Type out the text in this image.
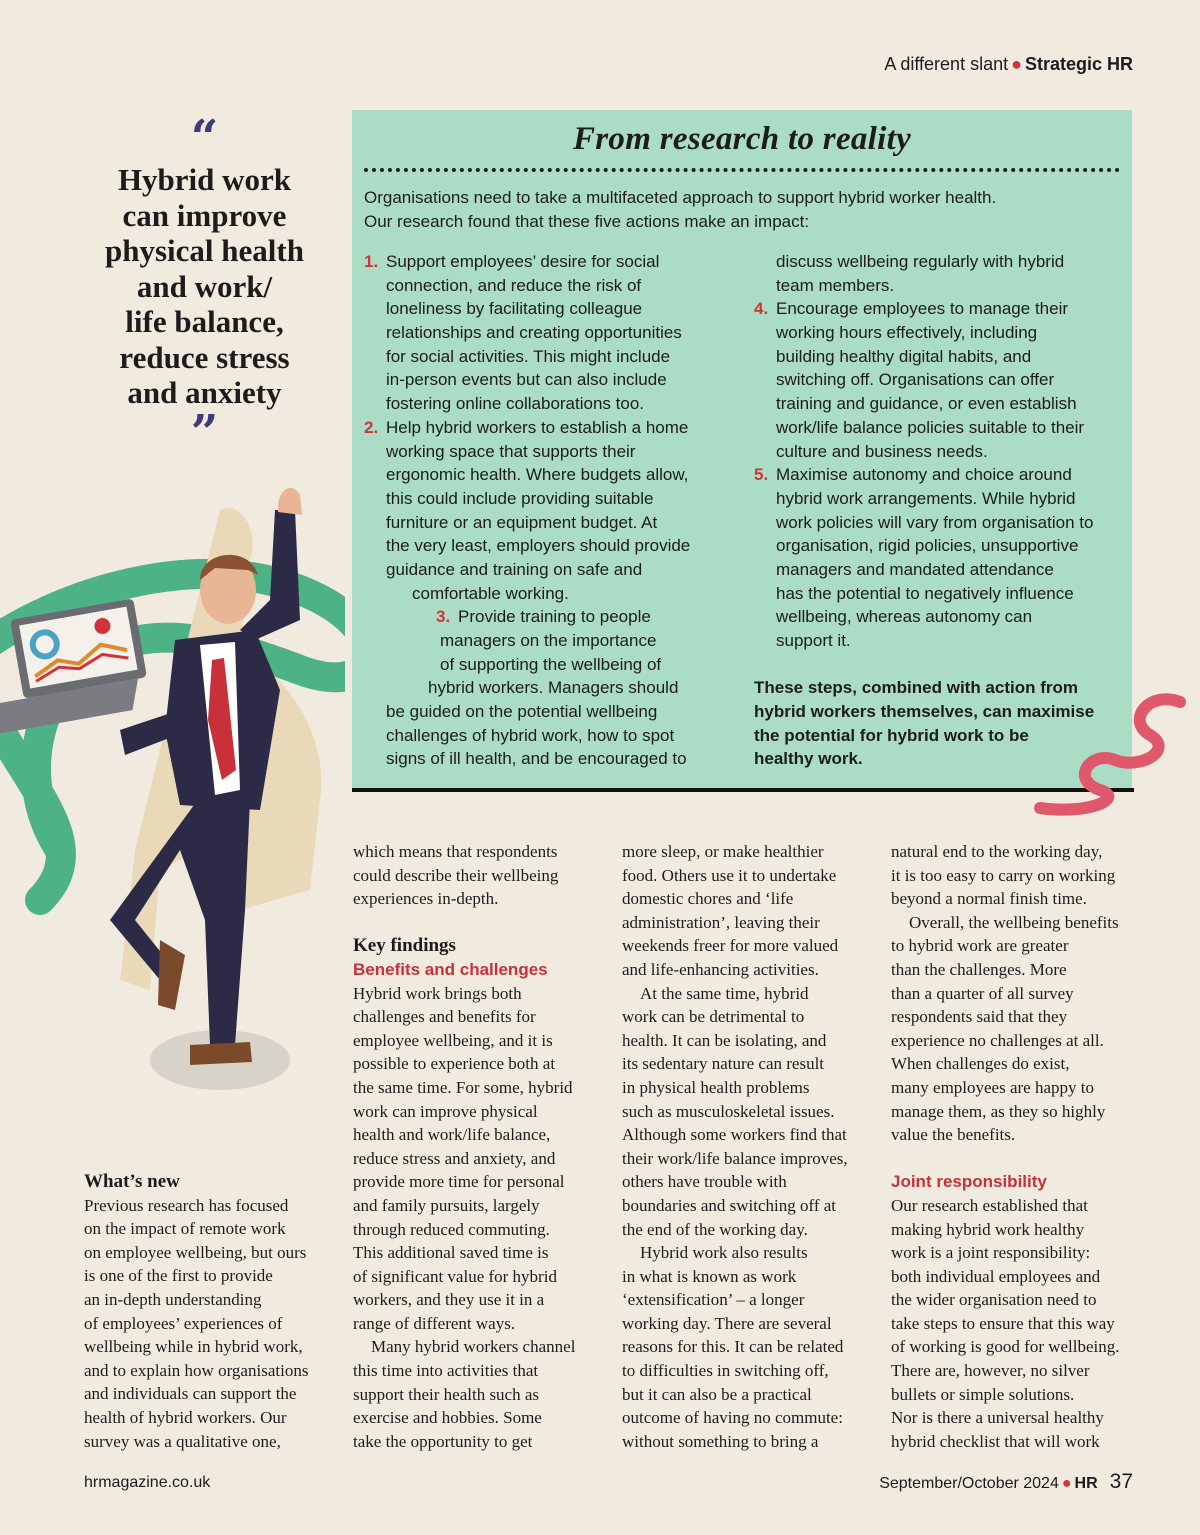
A different slant ● Strategic HR
“
Hybrid work
can improve
physical health
and work/
life balance,
reduce stress
and anxiety
”
From research to reality
Organisations need to take a multifaceted approach to support hybrid worker health.
Our research found that these five actions make an impact:
1. Support employees’ desire for social
connection, and reduce the risk of
loneliness by facilitating colleague
relationships and creating opportunities
for social activities. This might include
in-person events but can also include
fostering online collaborations too.
2. Help hybrid workers to establish a home
working space that supports their
ergonomic health. Where budgets allow,
this could include providing suitable
furniture or an equipment budget. At
the very least, employers should provide
guidance and training on safe and
comfortable working.
3. Provide training to people
managers on the importance
of supporting the wellbeing of
hybrid workers. Managers should
be guided on the potential wellbeing
challenges of hybrid work, how to spot
signs of ill health, and be encouraged to
discuss wellbeing regularly with hybrid
team members.
4. Encourage employees to manage their
working hours effectively, including
building healthy digital habits, and
switching off. Organisations can offer
training and guidance, or even establish
work/life balance policies suitable to their
culture and business needs.
5. Maximise autonomy and choice around
hybrid work arrangements. While hybrid
work policies will vary from organisation to
organisation, rigid policies, unsupportive
managers and mandated attendance
has the potential to negatively influence
wellbeing, whereas autonomy can
support it.
These steps, combined with action from
hybrid workers themselves, can maximise
the potential for hybrid work to be
healthy work.
What’s new
Previous research has focused
on the impact of remote work
on employee wellbeing, but ours
is one of the first to provide
an in-depth understanding
of employees’ experiences of
wellbeing while in hybrid work,
and to explain how organisations
and individuals can support the
health of hybrid workers. Our
survey was a qualitative one,
which means that respondents
could describe their wellbeing
experiences in-depth.
Key findings
Benefits and challenges
Hybrid work brings both
challenges and benefits for
employee wellbeing, and it is
possible to experience both at
the same time. For some, hybrid
work can improve physical
health and work/life balance,
reduce stress and anxiety, and
provide more time for personal
and family pursuits, largely
through reduced commuting.
This additional saved time is
of significant value for hybrid
workers, and they use it in a
range of different ways.
Many hybrid workers channel
this time into activities that
support their health such as
exercise and hobbies. Some
take the opportunity to get
more sleep, or make healthier
food. Others use it to undertake
domestic chores and ‘life
administration’, leaving their
weekends freer for more valued
and life-enhancing activities.
At the same time, hybrid
work can be detrimental to
health. It can be isolating, and
its sedentary nature can result
in physical health problems
such as musculoskeletal issues.
Although some workers find that
their work/life balance improves,
others have trouble with
boundaries and switching off at
the end of the working day.
Hybrid work also results
in what is known as work
‘extensification’ – a longer
working day. There are several
reasons for this. It can be related
to difficulties in switching off,
but it can also be a practical
outcome of having no commute:
without something to bring a
natural end to the working day,
it is too easy to carry on working
beyond a normal finish time.
Overall, the wellbeing benefits
to hybrid work are greater
than the challenges. More
than a quarter of all survey
respondents said that they
experience no challenges at all.
When challenges do exist,
many employees are happy to
manage them, as they so highly
value the benefits.
Joint responsibility
Our research established that
making hybrid work healthy
work is a joint responsibility:
both individual employees and
the wider organisation need to
take steps to ensure that this way
of working is good for wellbeing.
There are, however, no silver
bullets or simple solutions.
Nor is there a universal healthy
hybrid checklist that will work
hrmagazine.co.uk	September/October 2024 ● HR 37
